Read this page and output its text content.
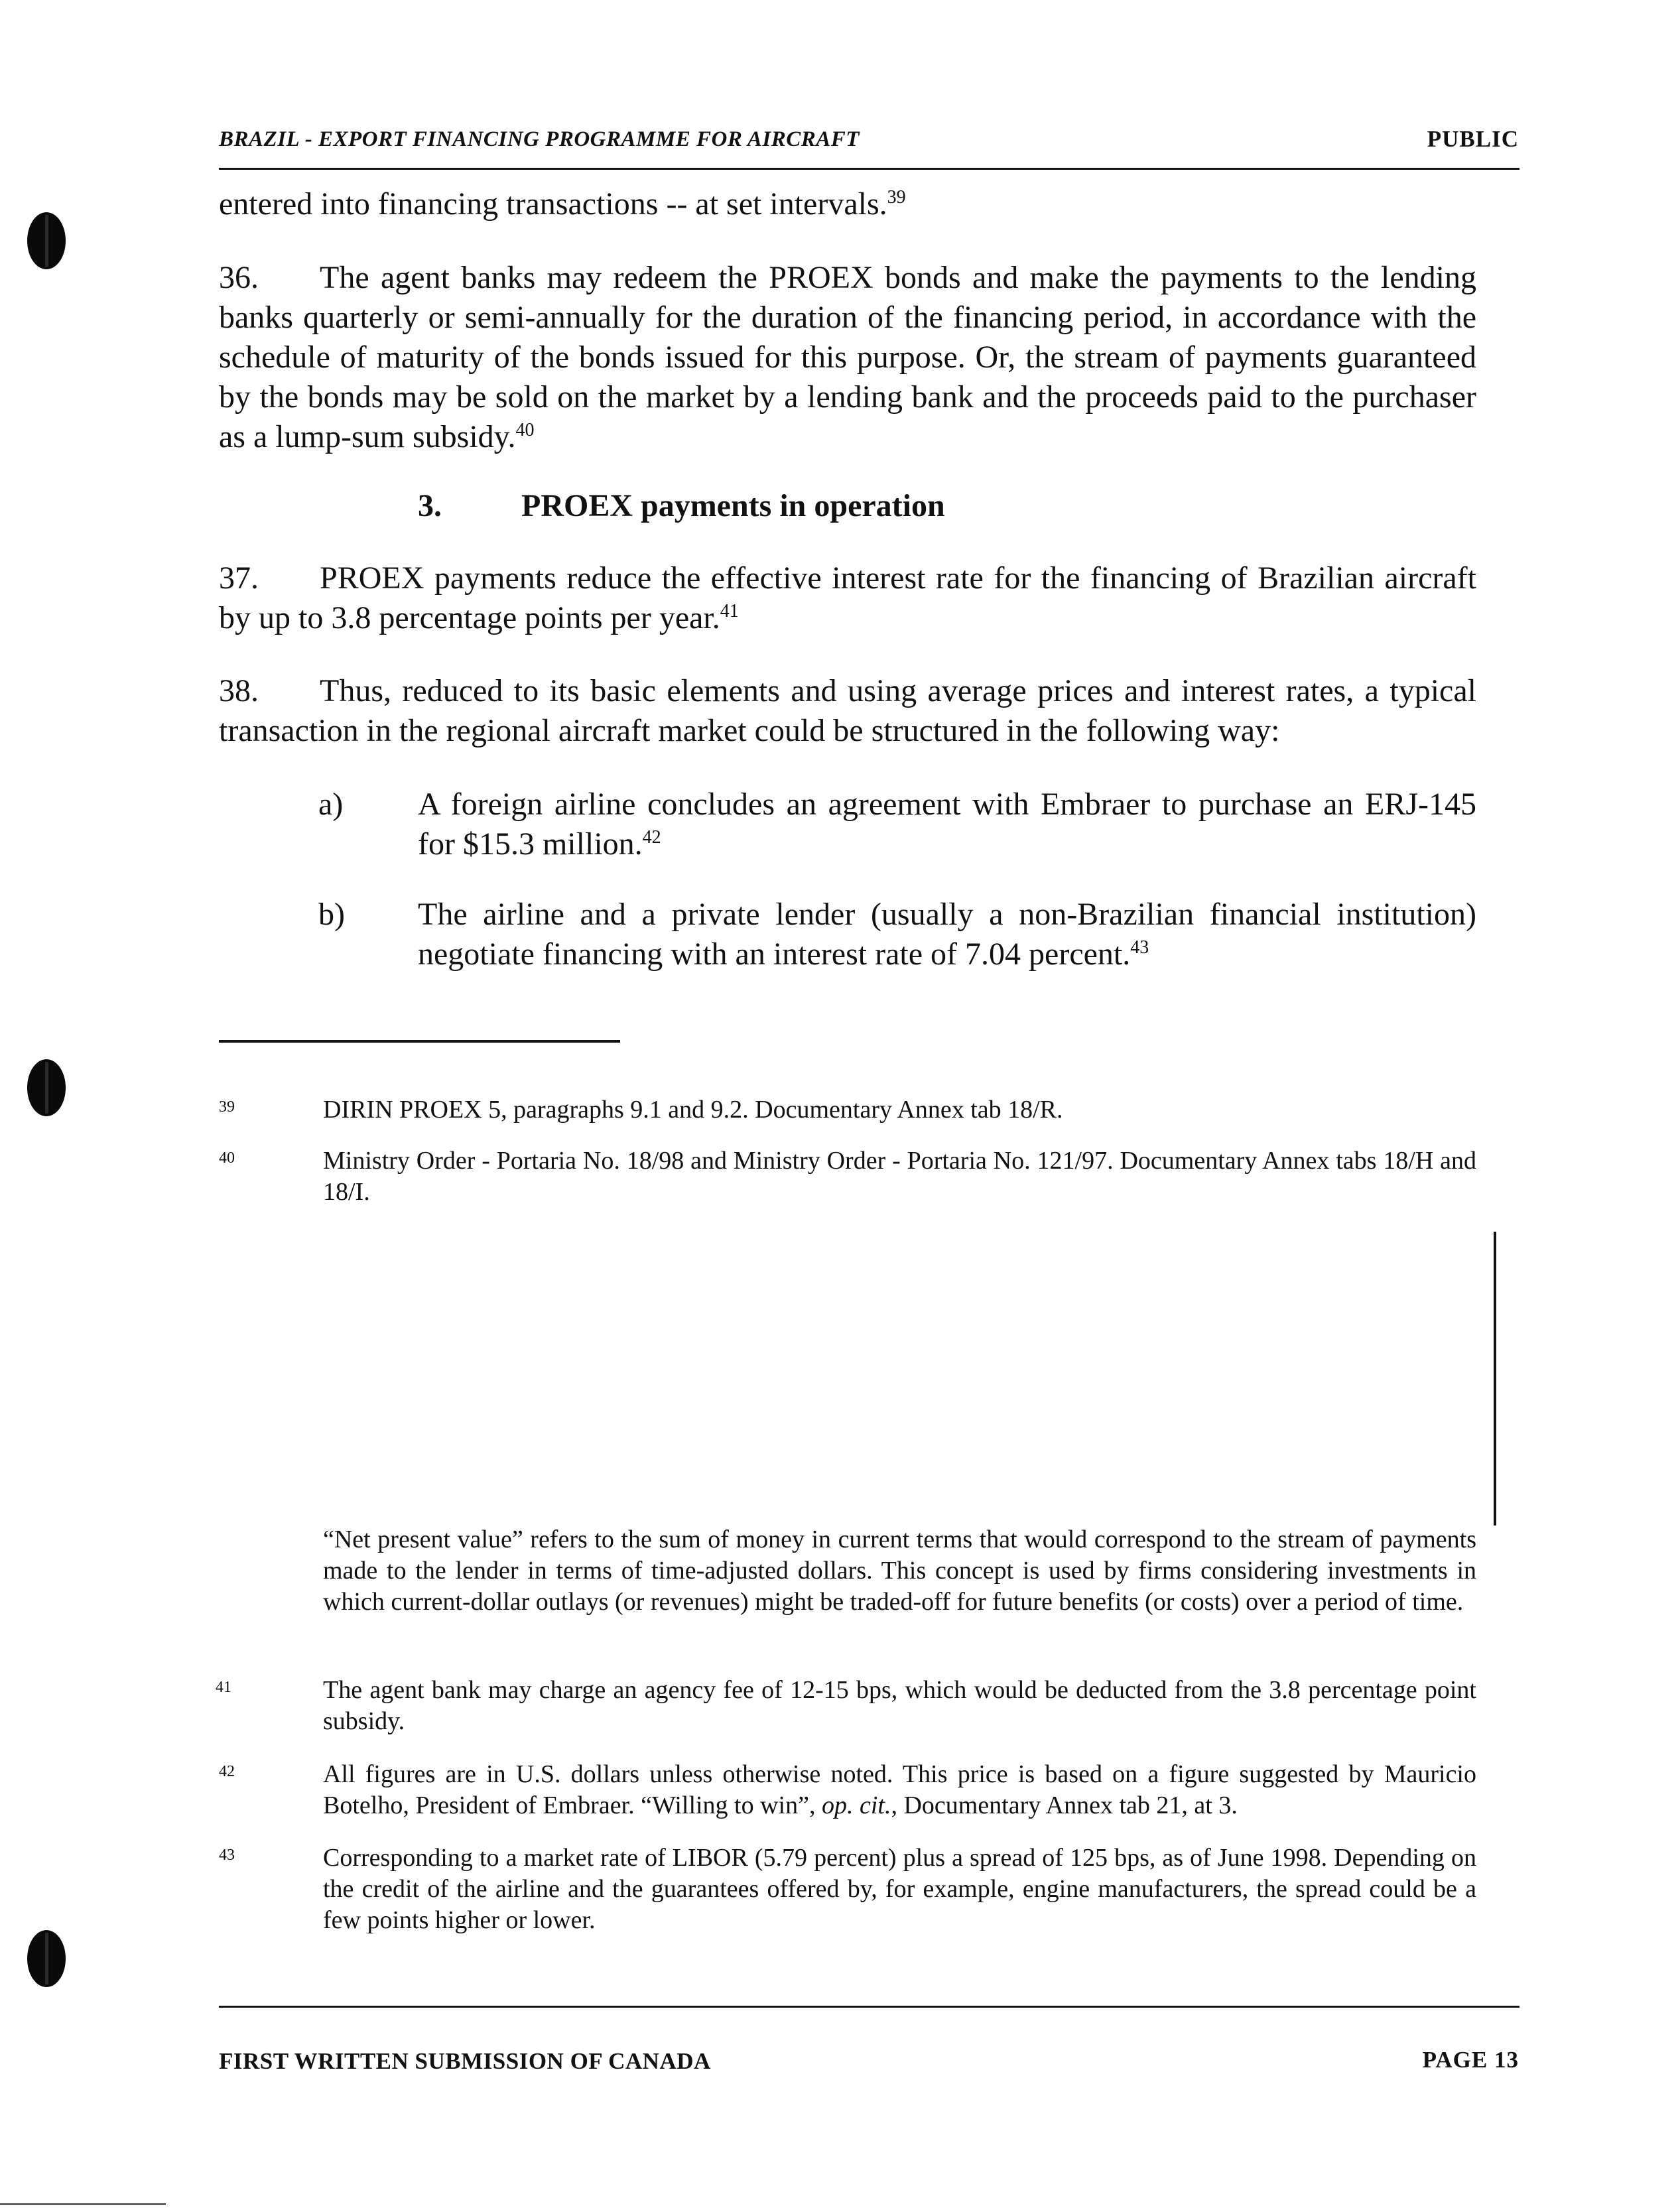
BRAZIL - EXPORT FINANCING PROGRAMME FOR AIRCRAFT	PUBLIC
entered into financing transactions -- at set intervals.$^{39}$
36. The agent banks may redeem the PROEX bonds and make the payments to the lending banks quarterly or semi-annually for the duration of the financing period, in accordance with the schedule of maturity of the bonds issued for this purpose. Or, the stream of payments guaranteed by the bonds may be sold on the market by a lending bank and the proceeds paid to the purchaser as a lump-sum subsidy.$^{40}$
3.	PROEX payments in operation
37. PROEX payments reduce the effective interest rate for the financing of Brazilian aircraft by up to 3.8 percentage points per year.$^{41}$
38. Thus, reduced to its basic elements and using average prices and interest rates, a typical transaction in the regional aircraft market could be structured in the following way:
a) A foreign airline concludes an agreement with Embraer to purchase an ERJ-145 for $15.3 million.$^{42}$
b) The airline and a private lender (usually a non-Brazilian financial institution) negotiate financing with an interest rate of 7.04 percent.$^{43}$
39	DIRIN PROEX 5, paragraphs 9.1 and 9.2. Documentary Annex tab 18/R.
40	Ministry Order - Portaria No. 18/98 and Ministry Order - Portaria No. 121/97. Documentary Annex tabs 18/H and 18/I.
“Net present value” refers to the sum of money in current terms that would correspond to the stream of payments made to the lender in terms of time-adjusted dollars. This concept is used by firms considering investments in which current-dollar outlays (or revenues) might be traded-off for future benefits (or costs) over a period of time.
41	The agent bank may charge an agency fee of 12-15 bps, which would be deducted from the 3.8 percentage point subsidy.
42	All figures are in U.S. dollars unless otherwise noted. This price is based on a figure suggested by Mauricio Botelho, President of Embraer. “Willing to win”, op. cit., Documentary Annex tab 21, at 3.
43	Corresponding to a market rate of LIBOR (5.79 percent) plus a spread of 125 bps, as of June 1998. Depending on the credit of the airline and the guarantees offered by, for example, engine manufacturers, the spread could be a few points higher or lower.
FIRST WRITTEN SUBMISSION OF CANADA	PAGE 13
